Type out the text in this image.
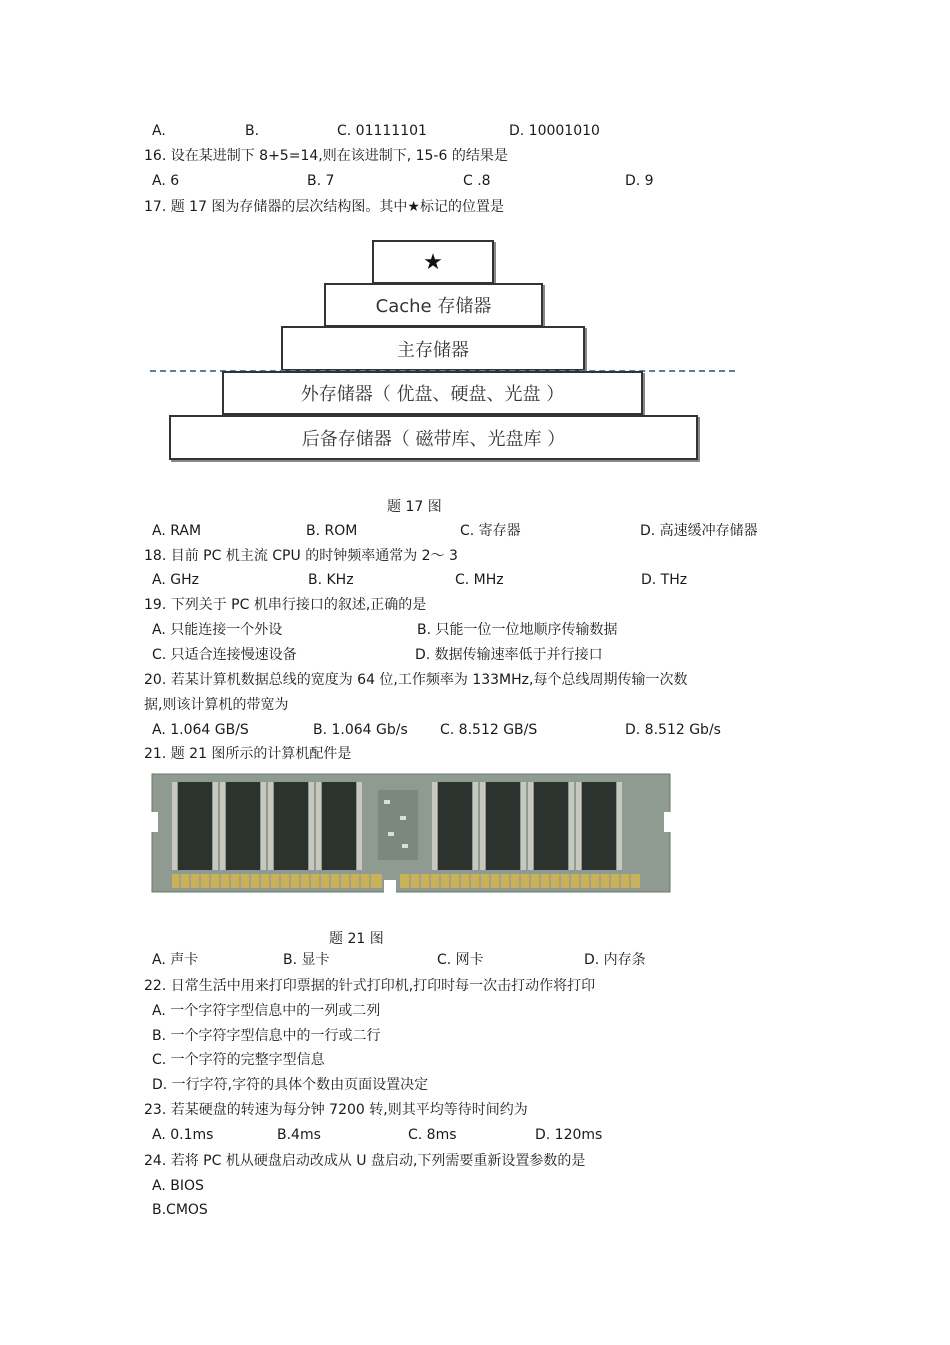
A.	B.	C. 01111101	D. 10001010
16. 设在某进制下 8+5=14,则在该进制下, 15-6 的结果是
A. 6	B. 7	C .8	D. 9
17. 题 17 图为存储器的层次结构图。其中★标记的位置是
★
Cache 存储器
主存储器
外存储器（ 优盘、硬盘、光盘 ）
后备存储器（ 磁带库、光盘库 ）
题 17 图
A. RAM	B. ROM	C. 寄存器	D. 高速缓冲存储器
18. 目前 PC 机主流 CPU 的时钟频率通常为 2～ 3
A. GHz	B. KHz	C. MHz	D. THz
19. 下列关于 PC 机串行接口的叙述,正确的是
A. 只能连接一个外设	B. 只能一位一位地顺序传输数据
C. 只适合连接慢速设备	D. 数据传输速率低于并行接口
20. 若某计算机数据总线的宽度为 64 位,工作频率为 133MHz,每个总线周期传输一次数
据,则该计算机的带宽为
A. 1.064 GB/S	B. 1.064 Gb/s C. 8.512 GB/S	D. 8.512 Gb/s
21. 题 21 图所示的计算机配件是
题 21 图
A. 声卡	B. 显卡	C. 网卡	D. 内存条
22. 日常生活中用来打印票据的针式打印机,打印时每一次击打动作将打印
A. 一个字符字型信息中的一列或二列
B. 一个字符字型信息中的一行或二行
C. 一个字符的完整字型信息
D. 一行字符,字符的具体个数由页面设置决定
23. 若某硬盘的转速为每分钟 7200 转,则其平均等待时间约为
A. 0.1ms	B.4ms	C. 8ms	D. 120ms
24. 若将 PC 机从硬盘启动改成从 U 盘启动,下列需要重新设置参数的是
A. BIOS
B.CMOS
